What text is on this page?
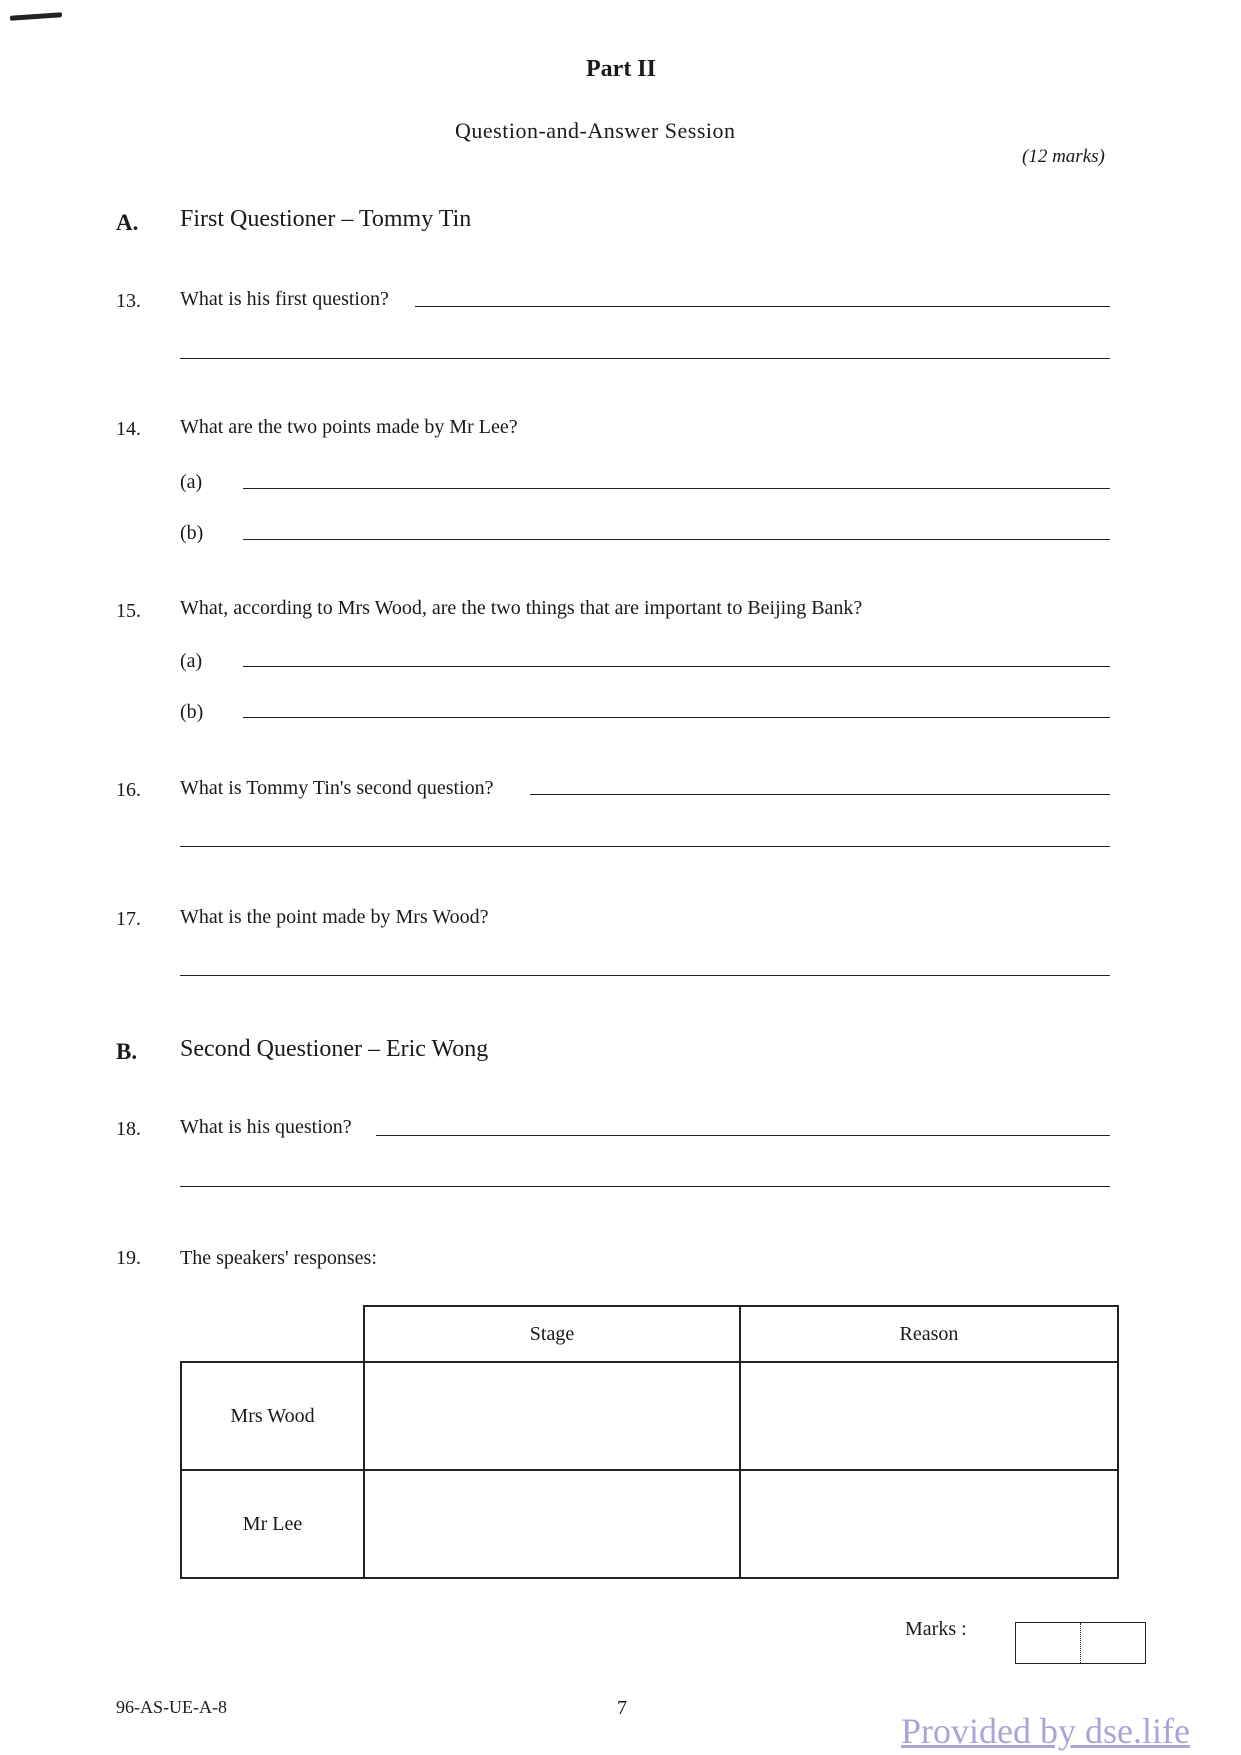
Part II
Question-and-Answer Session
(12 marks)
A. First Questioner – Tommy Tin
13. What is his first question?
14. What are the two points made by Mr Lee?
(a)
(b)
15. What, according to Mrs Wood, are the two things that are important to Beijing Bank?
(a)
(b)
16. What is Tommy Tin's second question?
17. What is the point made by Mrs Wood?
B. Second Questioner – Eric Wong
18. What is his question?
19. The speakers' responses:
	Stage	Reason
Mrs Wood		
Mr Lee		
Marks :
96-AS-UE-A-8	7
Provided by dse.life
